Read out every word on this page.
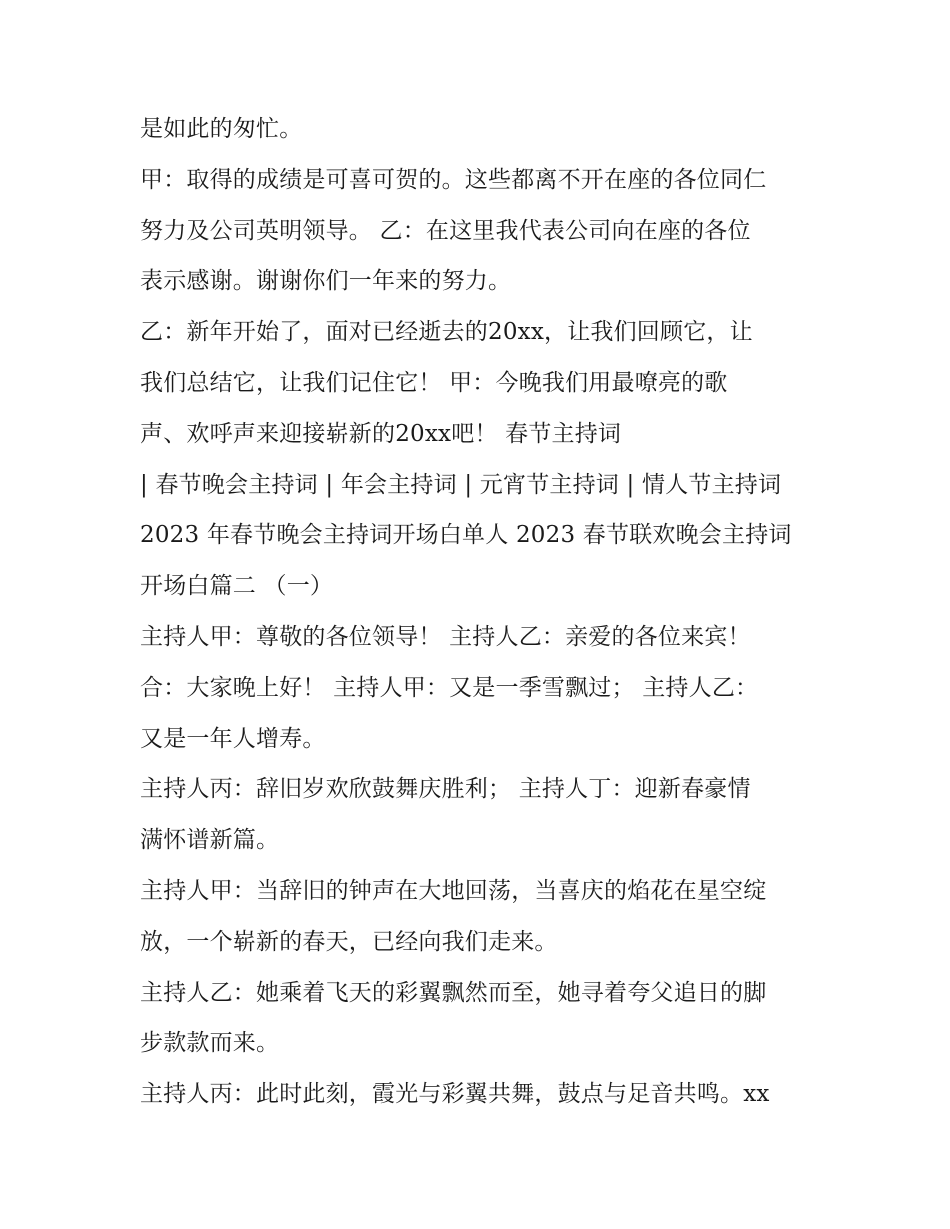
是如此的匆忙。
甲：取得的成绩是可喜可贺的。这些都离不开在座的各位同仁
努力及公司英明领导。 乙：在这里我代表公司向在座的各位
表示感谢。谢谢你们一年来的努力。
乙：新年开始了，面对已经逝去的20xx，让我们回顾它，让
我们总结它，让我们记住它！ 甲：今晚我们用最嘹亮的歌
声、欢呼声来迎接崭新的20xx吧！ 春节主持词
| 春节晚会主持词 | 年会主持词 | 元宵节主持词 | 情人节主持词
2023 年春节晚会主持词开场白单人 2023 春节联欢晚会主持词
开场白篇二 （一）
主持人甲：尊敬的各位领导！ 主持人乙：亲爱的各位来宾！
合：大家晚上好！ 主持人甲：又是一季雪飘过； 主持人乙：
又是一年人增寿。
主持人丙：辞旧岁欢欣鼓舞庆胜利； 主持人丁：迎新春豪情
满怀谱新篇。
主持人甲：当辞旧的钟声在大地回荡，当喜庆的焰花在星空绽
放，一个崭新的春天，已经向我们走来。
主持人乙：她乘着飞天的彩翼飘然而至，她寻着夸父追日的脚
步款款而来。
主持人丙：此时此刻，霞光与彩翼共舞，鼓点与足音共鸣。xx
